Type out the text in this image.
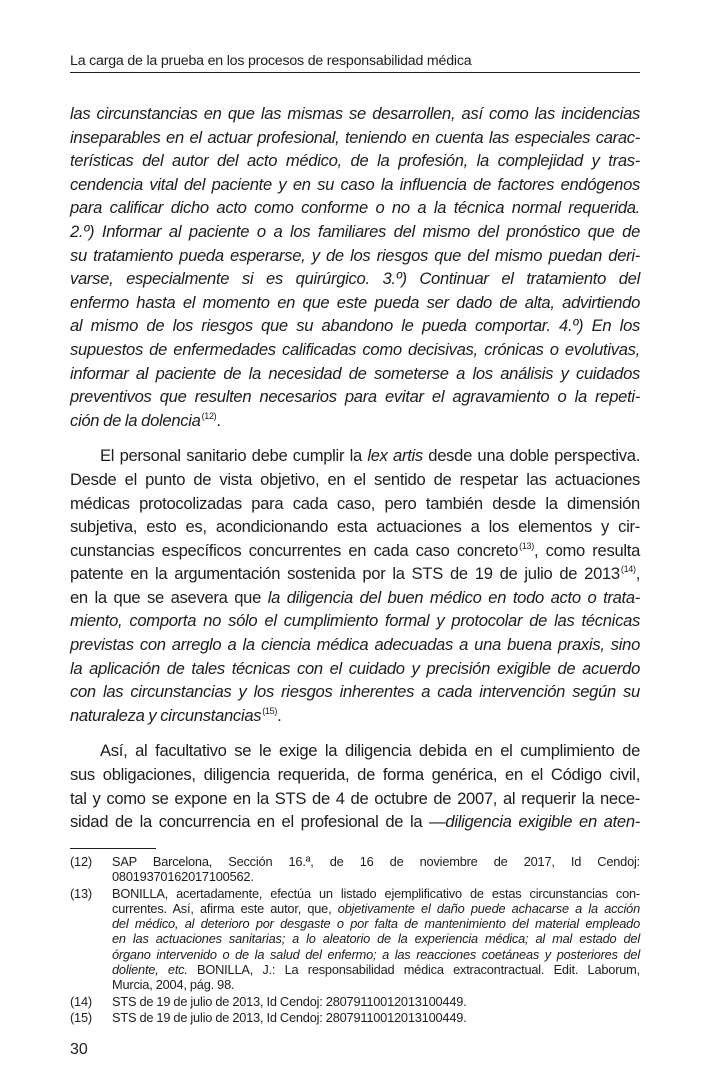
La carga de la prueba en los procesos de responsabilidad médica

las circunstancias en que las mismas se desarrollen, así como las incidencias
inseparables en el actuar profesional, teniendo en cuenta las especiales carac-
terísticas del autor del acto médico, de la profesión, la complejidad y tras-
cendencia vital del paciente y en su caso la influencia de factores endógenos
para calificar dicho acto como conforme o no a la técnica normal requerida.
2.º) Informar al paciente o a los familiares del mismo del pronóstico que de
su tratamiento pueda esperarse, y de los riesgos que del mismo puedan deri-
varse, especialmente si es quirúrgico. 3.º) Continuar el tratamiento del
enfermo hasta el momento en que este pueda ser dado de alta, advirtiendo
al mismo de los riesgos que su abandono le pueda comportar. 4.º) En los
supuestos de enfermedades calificadas como decisivas, crónicas o evolutivas,
informar al paciente de la necesidad de someterse a los análisis y cuidados
preventivos que resulten necesarios para evitar el agravamiento o la repeti-
ción de la dolencia$^{(12)}$.

El personal sanitario debe cumplir la lex artis desde una doble perspectiva.
Desde el punto de vista objetivo, en el sentido de respetar las actuaciones
médicas protocolizadas para cada caso, pero también desde la dimensión
subjetiva, esto es, acondicionando esta actuaciones a los elementos y cir-
cunstancias específicos concurrentes en cada caso concreto$^{(13)}$, como resulta
patente en la argumentación sostenida por la STS de 19 de julio de 2013$^{(14)}$,
en la que se asevera que la diligencia del buen médico en todo acto o trata-
miento, comporta no sólo el cumplimiento formal y protocolar de las técnicas
previstas con arreglo a la ciencia médica adecuadas a una buena praxis, sino
la aplicación de tales técnicas con el cuidado y precisión exigible de acuerdo
con las circunstancias y los riesgos inherentes a cada intervención según su
naturaleza y circunstancias$^{(15)}$.

Así, al facultativo se le exige la diligencia debida en el cumplimiento de
sus obligaciones, diligencia requerida, de forma genérica, en el Código civil,
tal y como se expone en la STS de 4 de octubre de 2007, al requerir la nece-
sidad de la concurrencia en el profesional de la —diligencia exigible en aten-

(12)	SAP Barcelona, Sección 16.ª, de 16 de noviembre de 2017, Id Cendoj:
08019370162017100562.
(13)	BONILLA, acertadamente, efectúa un listado ejemplificativo de estas circunstancias con-
currentes. Así, afirma este autor, que, objetivamente el daño puede achacarse a la acción
del médico, al deterioro por desgaste o por falta de mantenimiento del material empleado
en las actuaciones sanitarias; a lo aleatorio de la experiencia médica; al mal estado del
órgano intervenido o de la salud del enfermo; a las reacciones coetáneas y posteriores del
doliente, etc. BONILLA, J.: La responsabilidad médica extracontractual. Edit. Laborum,
Murcia, 2004, pág. 98.
(14)	STS de 19 de julio de 2013, Id Cendoj: 28079110012013100449.
(15)	STS de 19 de julio de 2013, Id Cendoj: 28079110012013100449.
30
